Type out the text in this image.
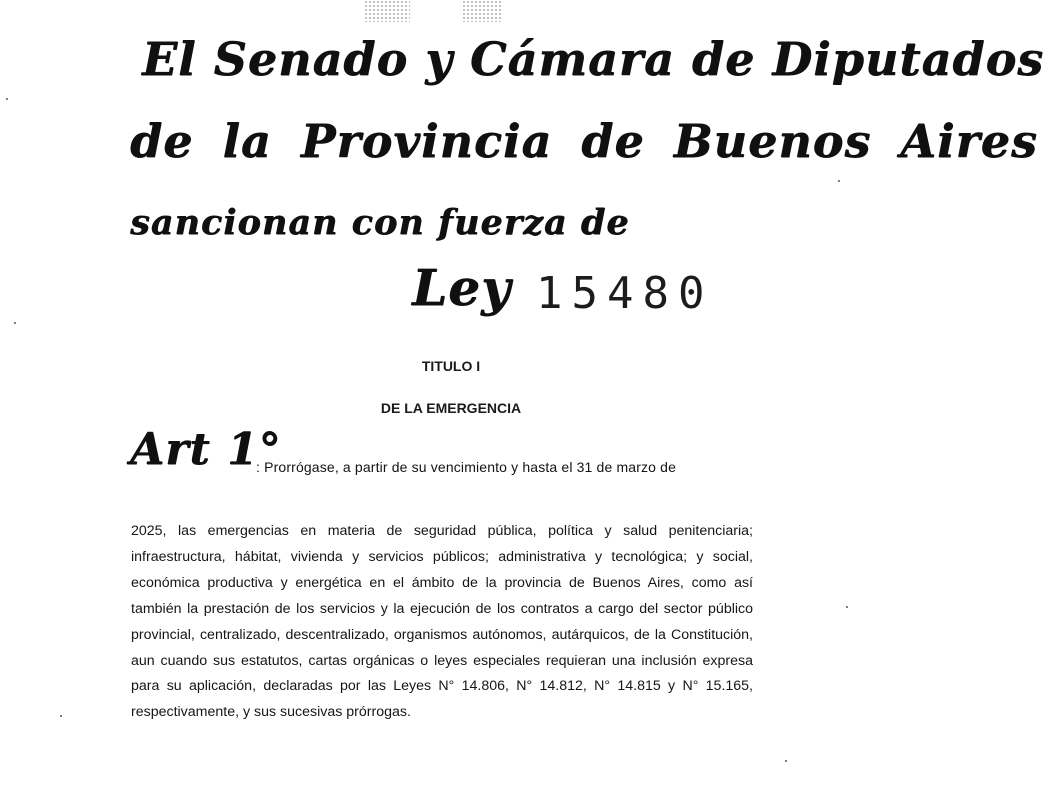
El Senado y Cámara de Diputados
de la Provincia de Buenos Aires
sancionan con fuerza de
Ley 15480
TITULO I
DE LA EMERGENCIA
Art 1°
: Prorrógase, a partir de su vencimiento y hasta el 31 de marzo de
2025, las emergencias en materia de seguridad pública, política y salud penitenciaria; infraestructura, hábitat, vivienda y servicios públicos; administrativa y tecnológica; y social, económica productiva y energética en el ámbito de la provincia de Buenos Aires, como así también la prestación de los servicios y la ejecución de los contratos a cargo del sector público provincial, centralizado, descentralizado, organismos autónomos, autárquicos, de la Constitución, aun cuando sus estatutos, cartas orgánicas o leyes especiales requieran una inclusión expresa para su aplicación, declaradas por las Leyes N° 14.806, N° 14.812, N° 14.815 y N° 15.165, respectivamente, y sus sucesivas prórrogas.
